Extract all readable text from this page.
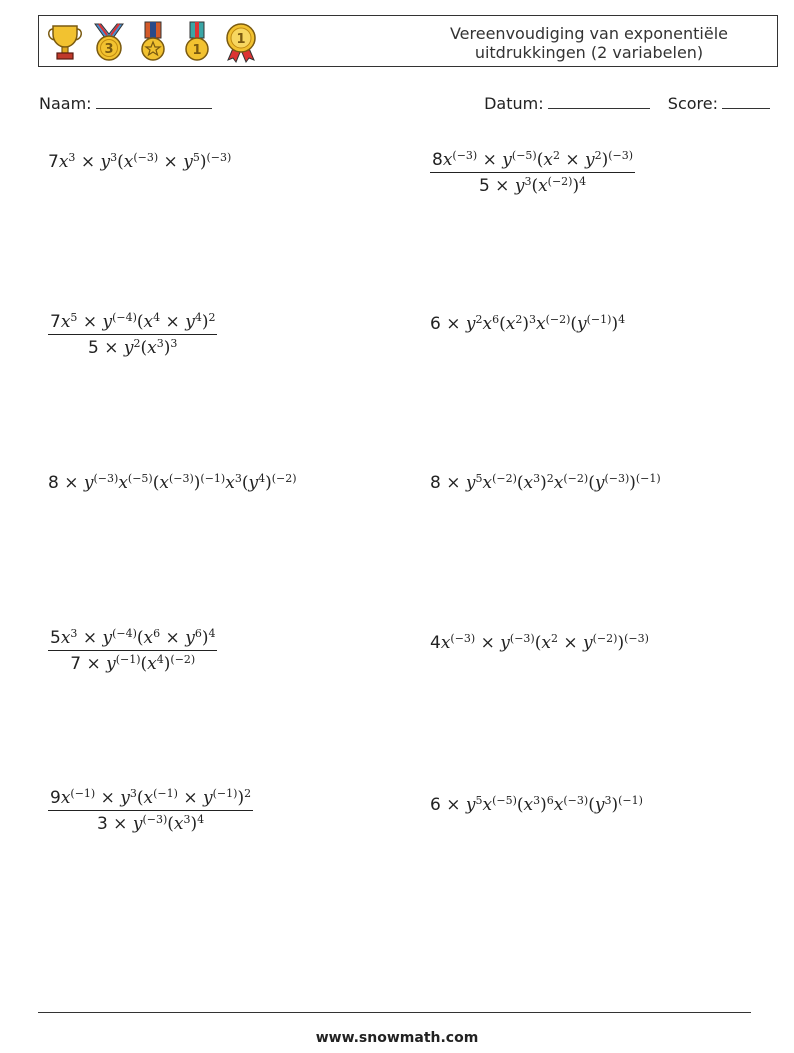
3	1
1	Vereenvoudiging van exponentiële
uitdrukkingen (2 variabelen)
Naam:	Datum:	Score:
$7x^3 \times y^3(x^{(-3)} \times y^5)^{(-3)}$	$\frac{8x^{(-3)} \times y^{(-5)}(x^2 \times y^2)^{(-3)}}{5 \times y^3(x^{(-2)})^4}$
$\frac{7x^5 \times y^{(-4)}(x^4 \times y^4)^2}{5 \times y^2(x^3)^3}$	$6 \times y^2x^6(x^2)^3x^{(-2)}(y^{(-1)})^4$
$8 \times y^{(-3)}x^{(-5)}(x^{(-3)})^{(-1)}x^3(y^4)^{(-2)}$	$8 \times y^5x^{(-2)}(x^3)^2x^{(-2)}(y^{(-3)})^{(-1)}$
$\frac{5x^3 \times y^{(-4)}(x^6 \times y^6)^4}{7 \times y^{(-1)}(x^4)^{(-2)}}$	$4x^{(-3)} \times y^{(-3)}(x^2 \times y^{(-2)})^{(-3)}$
$\frac{9x^{(-1)} \times y^3(x^{(-1)} \times y^{(-1)})^2}{3 \times y^{(-3)}(x^3)^4}$	$6 \times y^5x^{(-5)}(x^3)^6x^{(-3)}(y^3)^{(-1)}$
www.snowmath.com
